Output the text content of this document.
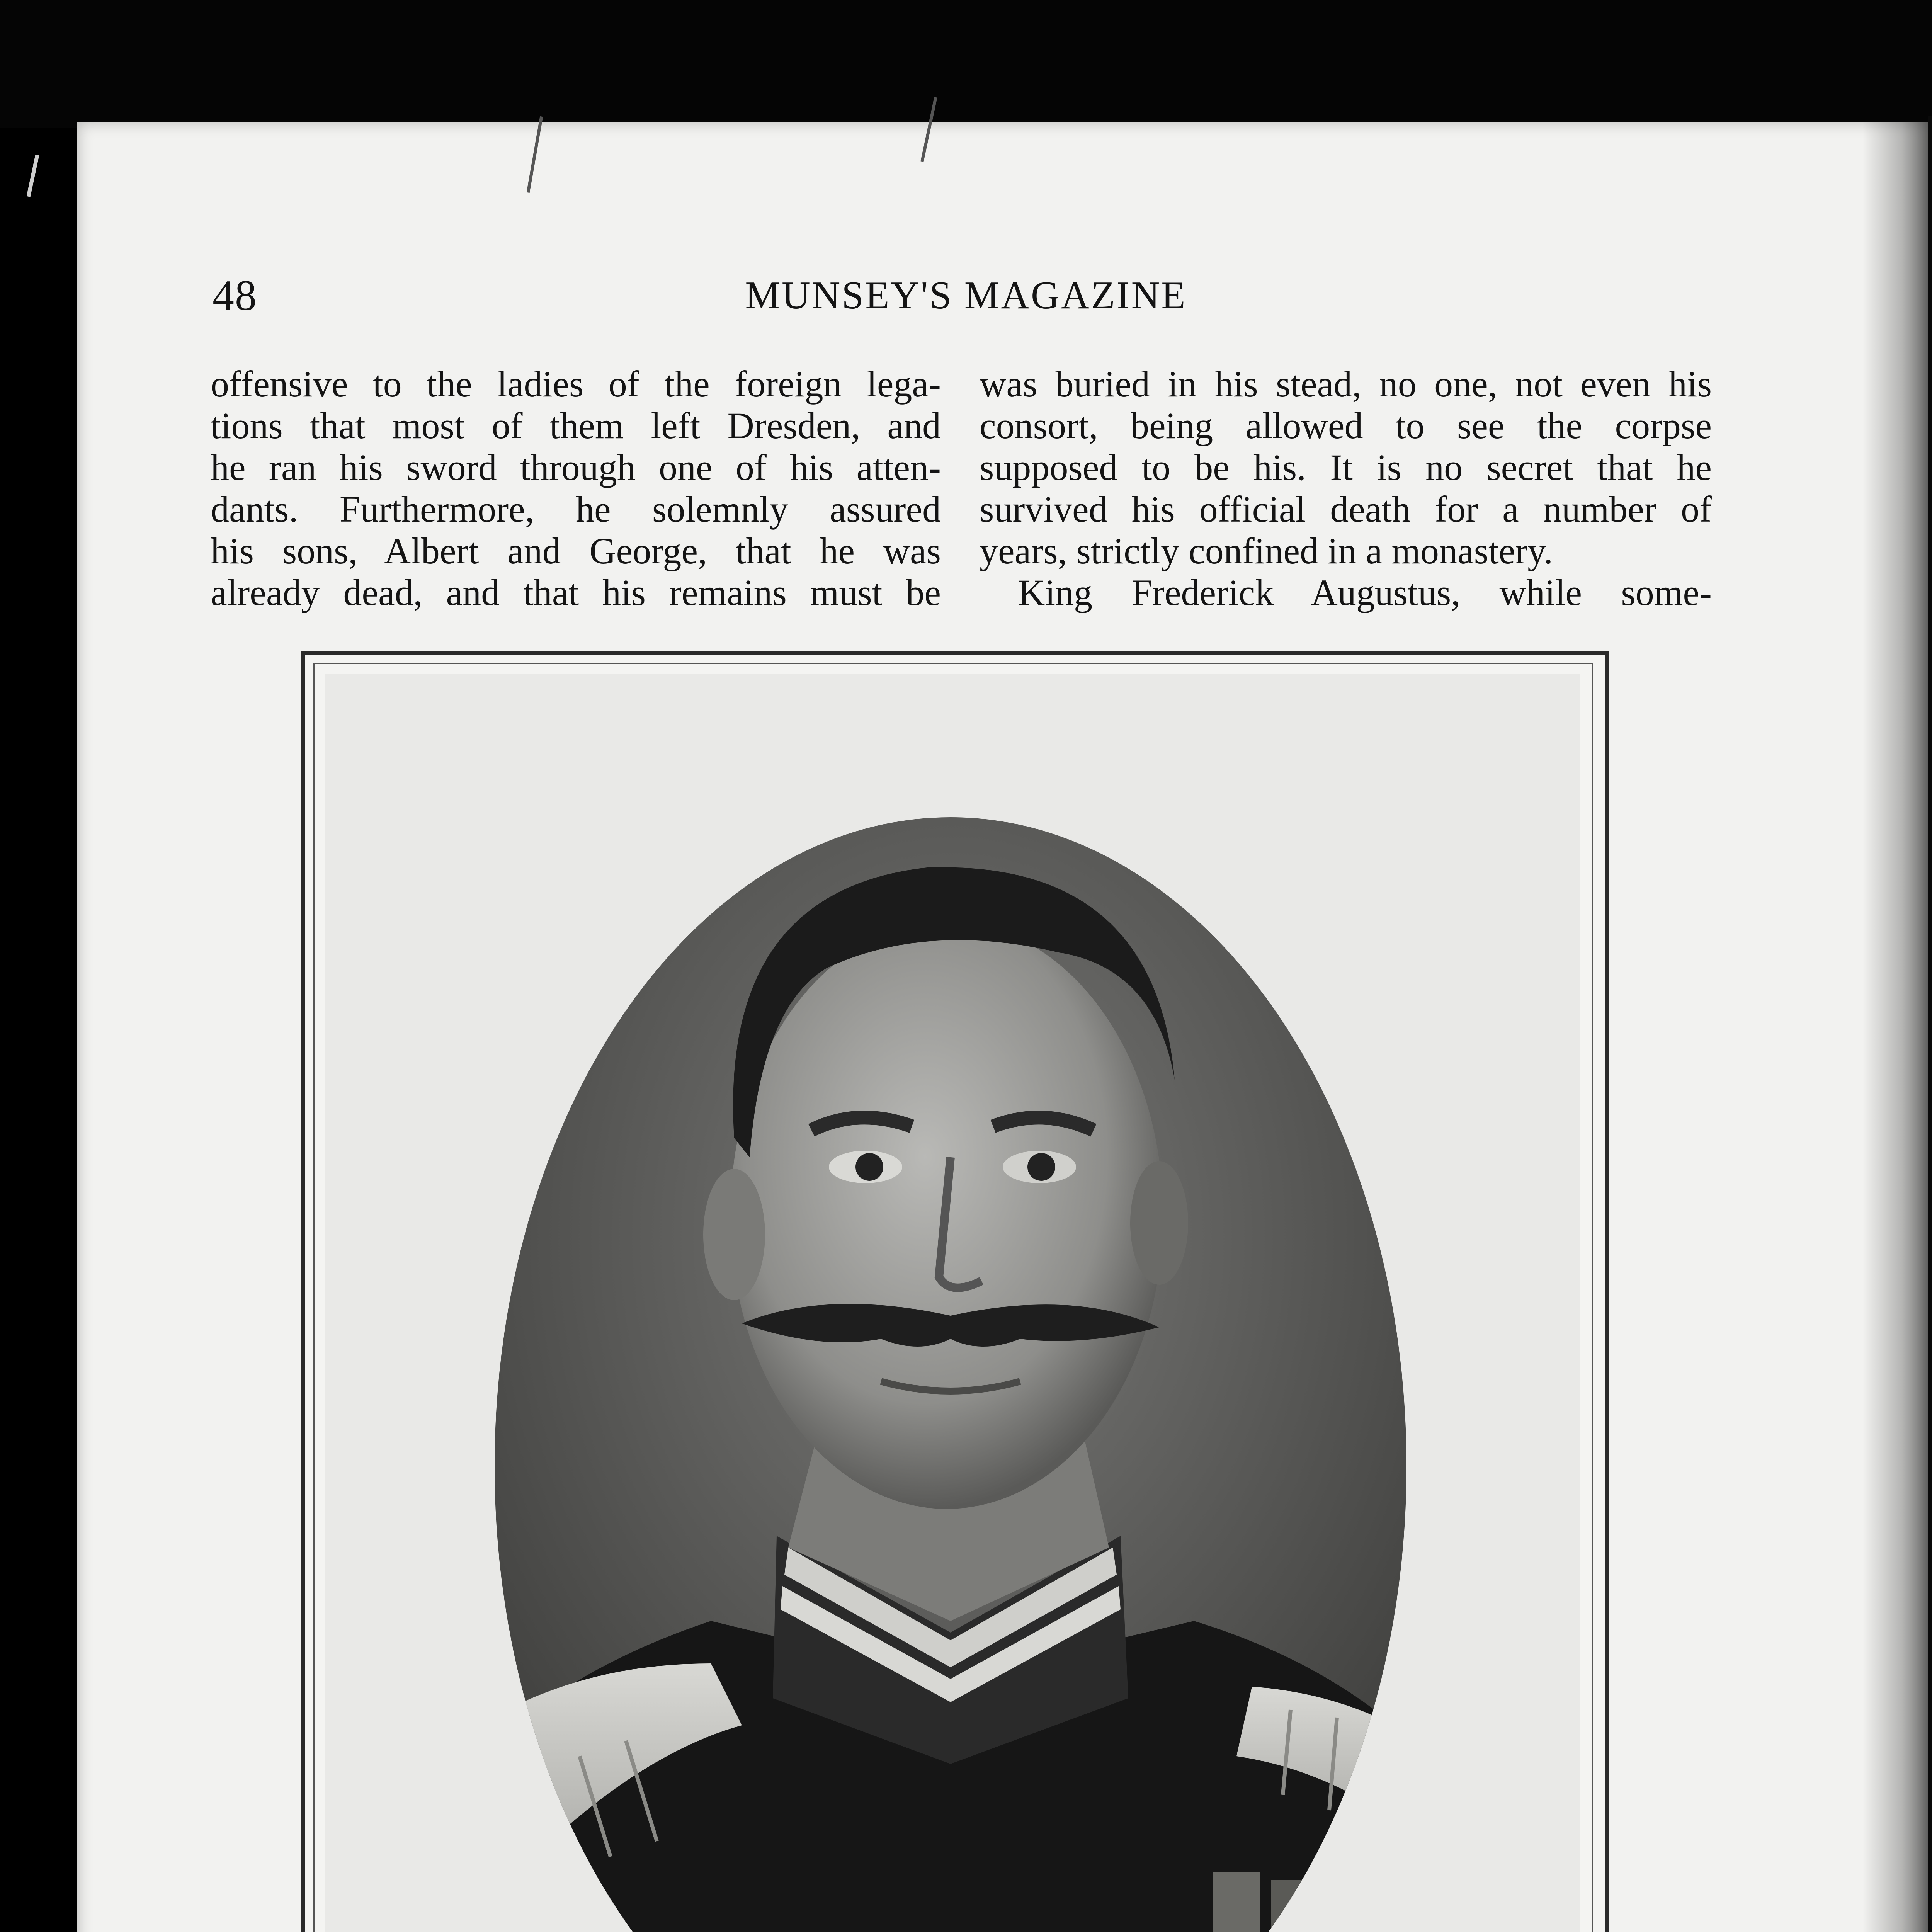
48	MUNSEY'S MAGAZINE
offensive to the ladies of the foreign lega-
tions that most of them left Dresden, and
he ran his sword through one of his atten-
dants. Furthermore, he solemnly assured
his sons, Albert and George, that he was
already dead, and that his remains must be
was buried in his stead, no one, not even his
consort, being allowed to see the corpse
supposed to be his. It is no secret that he
survived his official death for a number of
years, strictly confined in a monastery.
King Frederick Augustus, while some-
